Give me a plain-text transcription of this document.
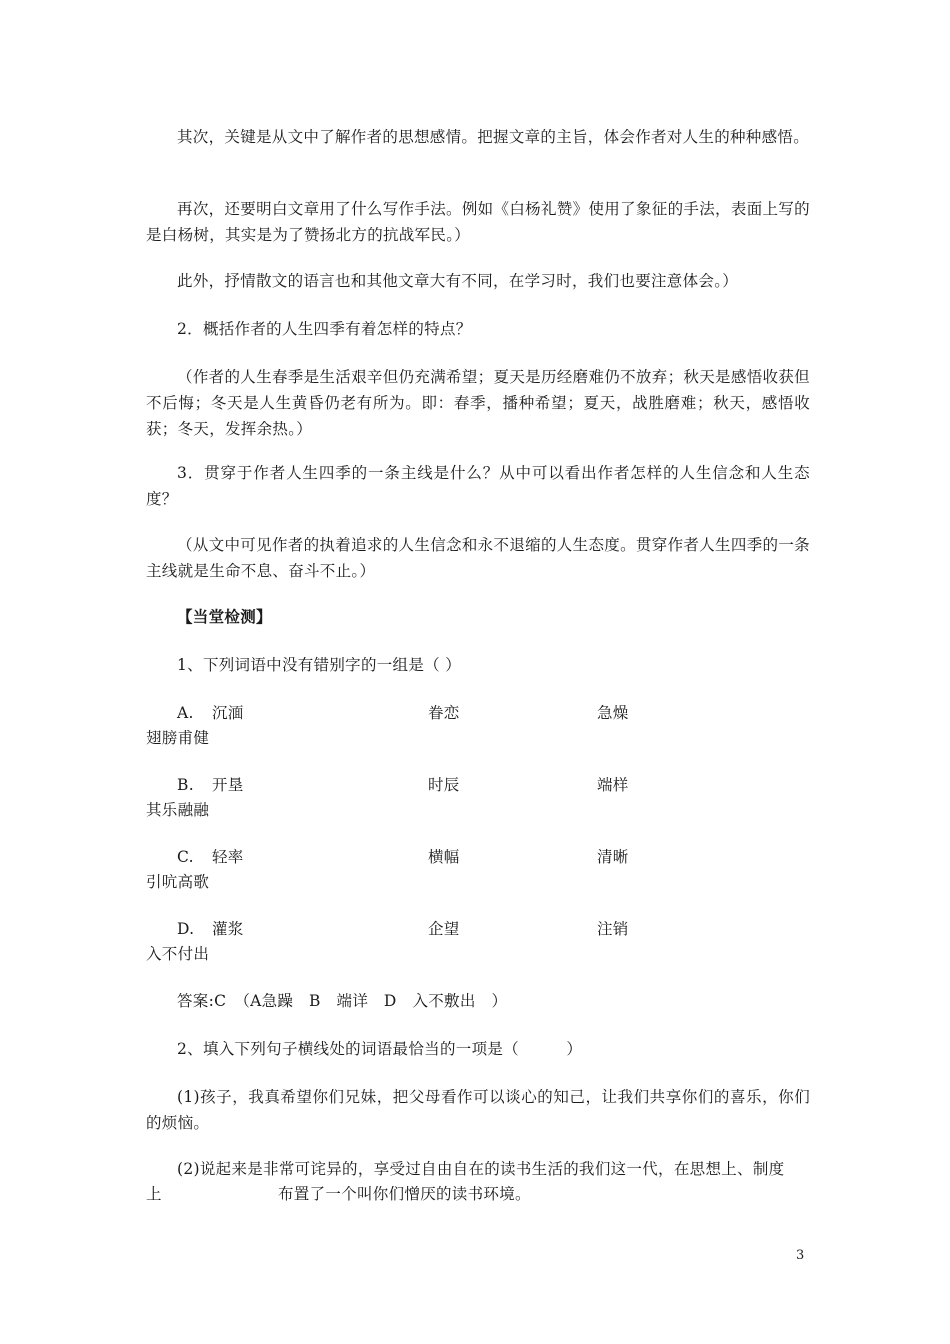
其次，关键是从文中了解作者的思想感情。把握文章的主旨，体会作者对人生的种种感悟。

再次，还要明白文章用了什么写作手法。例如《白杨礼赞》使用了象征的手法，表面上写的是白杨树，其实是为了赞扬北方的抗战军民。）

此外，抒情散文的语言也和其他文章大有不同，在学习时，我们也要注意体会。）

2．概括作者的人生四季有着怎样的特点？

（作者的人生春季是生活艰辛但仍充满希望；夏天是历经磨难仍不放弃；秋天是感悟收获但不后悔；冬天是人生黄昏仍老有所为。即：春季，播种希望；夏天，战胜磨难；秋天，感悟收获；冬天，发挥余热。）

3．贯穿于作者人生四季的一条主线是什么？从中可以看出作者怎样的人生信念和人生态度？

（从文中可见作者的执着追求的人生信念和永不退缩的人生态度。贯穿作者人生四季的一条主线就是生命不息、奋斗不止。）

【当堂检测】
1、下列词语中没有错别字的一组是（ ）
A. 沉湎	眷恋	急燥
翅膀甫健
B. 开垦	时辰	端样
其乐融融
C. 轻率	横幅	清晰
引吭高歌
D. 灌浆	企望	注销
入不付出
答案:C　（A急躁　B　端详　D　入不敷出　）
2、填入下列句子横线处的词语最恰当的一项是（　　　）

(1)孩子，我真希望你们兄妹，把父母看作可以谈心的知己，让我们共享你们的喜乐，你们的烦恼。

(2)说起来是非常可诧异的，享受过自由自在的读书生活的我们这一代，在思想上、制度
上	布置了一个叫你们憎厌的读书环境。
3
